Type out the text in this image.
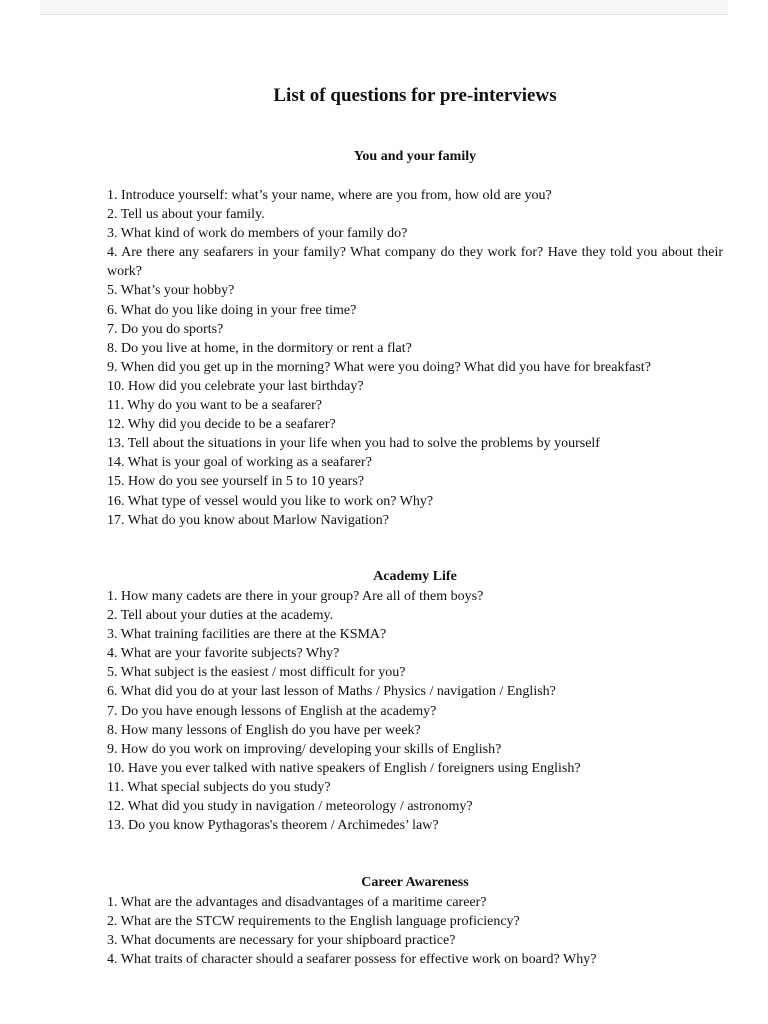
List of questions for pre-interviews
You and your family
1. Introduce yourself: what’s your name, where are you from, how old are you?
2. Tell us about your family.
3. What kind of work do members of your family do?
4. Are there any seafarers in your family? What company do they work for? Have they told you about their work?
5. What’s your hobby?
6. What do you like doing in your free time?
7. Do you do sports?
8. Do you live at home, in the dormitory or rent a flat?
9. When did you get up in the morning? What were you doing? What did you have for breakfast?
10. How did you celebrate your last birthday?
11. Why do you want to be a seafarer?
12. Why did you decide to be a seafarer?
13. Tell about the situations in your life when you had to solve the problems by yourself
14. What is your goal of working as a seafarer?
15. How do you see yourself in 5 to 10 years?
16. What type of vessel would you like to work on? Why?
17. What do you know about Marlow Navigation?
Academy Life
1. How many cadets are there in your group? Are all of them boys?
2. Tell about your duties at the academy.
3. What training facilities are there at the KSMA?
4. What are your favorite subjects? Why?
5. What subject is the easiest / most difficult for you?
6. What did you do at your last lesson of Maths / Physics / navigation / English?
7. Do you have enough lessons of English at the academy?
8. How many lessons of English do you have per week?
9. How do you work on improving/ developing your skills of English?
10. Have you ever talked with native speakers of English / foreigners using English?
11. What special subjects do you study?
12. What did you study in navigation / meteorology / astronomy?
13. Do you know Pythagoras's theorem / Archimedes’ law?
Career Awareness
1. What are the advantages and disadvantages of a maritime career?
2. What are the STCW requirements to the English language proficiency?
3. What documents are necessary for your shipboard practice?
4. What traits of character should a seafarer possess for effective work on board? Why?
